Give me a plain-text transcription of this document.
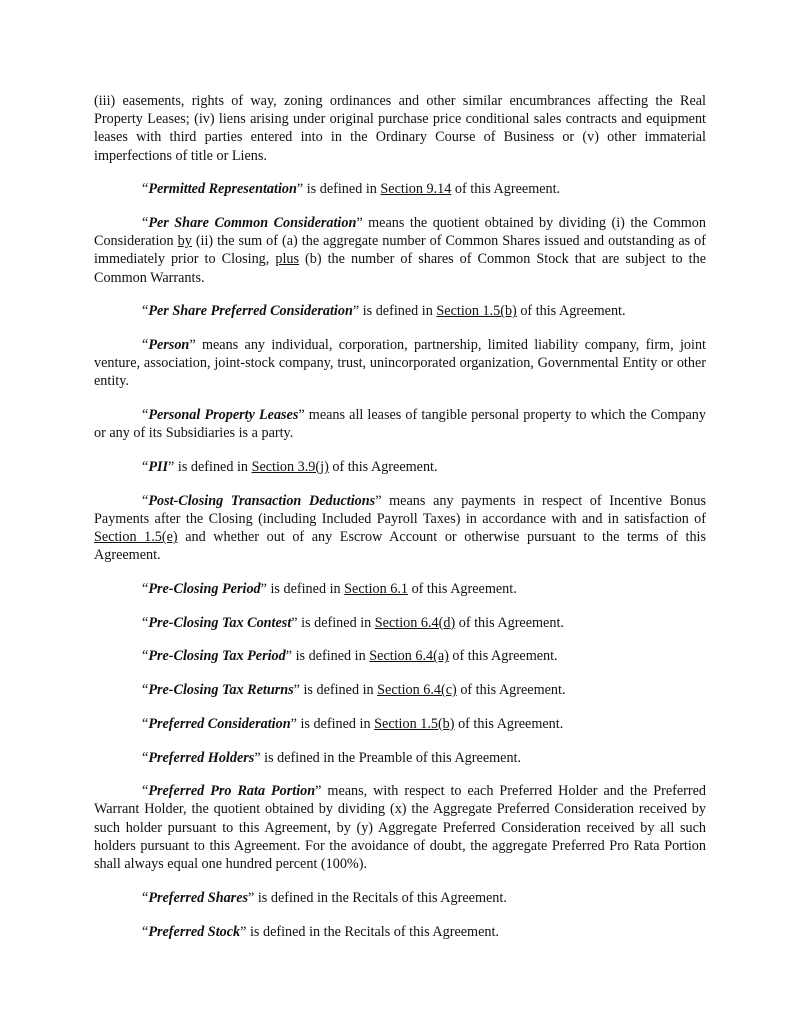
(iii) easements, rights of way, zoning ordinances and other similar encumbrances affecting the Real Property Leases; (iv) liens arising under original purchase price conditional sales contracts and equipment leases with third parties entered into in the Ordinary Course of Business or (v) other immaterial imperfections of title or Liens.

“Permitted Representation” is defined in Section 9.14 of this Agreement.

“Per Share Common Consideration” means the quotient obtained by dividing (i) the Common Consideration by (ii) the sum of (a) the aggregate number of Common Shares issued and outstanding as of immediately prior to Closing, plus (b) the number of shares of Common Stock that are subject to the Common Warrants.

“Per Share Preferred Consideration” is defined in Section 1.5(b) of this Agreement.

“Person” means any individual, corporation, partnership, limited liability company, firm, joint venture, association, joint-stock company, trust, unincorporated organization, Governmental Entity or other entity.

“Personal Property Leases” means all leases of tangible personal property to which the Company or any of its Subsidiaries is a party.

“PII” is defined in Section 3.9(j) of this Agreement.

“Post-Closing Transaction Deductions” means any payments in respect of Incentive Bonus Payments after the Closing (including Included Payroll Taxes) in accordance with and in satisfaction of Section 1.5(e) and whether out of any Escrow Account or otherwise pursuant to the terms of this Agreement.

“Pre-Closing Period” is defined in Section 6.1 of this Agreement.

“Pre-Closing Tax Contest” is defined in Section 6.4(d) of this Agreement.

“Pre-Closing Tax Period” is defined in Section 6.4(a) of this Agreement.

“Pre-Closing Tax Returns” is defined in Section 6.4(c) of this Agreement.

“Preferred Consideration” is defined in Section 1.5(b) of this Agreement.

“Preferred Holders” is defined in the Preamble of this Agreement.

“Preferred Pro Rata Portion” means, with respect to each Preferred Holder and the Preferred Warrant Holder, the quotient obtained by dividing (x) the Aggregate Preferred Consideration received by such holder pursuant to this Agreement, by (y) Aggregate Preferred Consideration received by all such holders pursuant to this Agreement. For the avoidance of doubt, the aggregate Preferred Pro Rata Portion shall always equal one hundred percent (100%).

“Preferred Shares” is defined in the Recitals of this Agreement.

“Preferred Stock” is defined in the Recitals of this Agreement.
